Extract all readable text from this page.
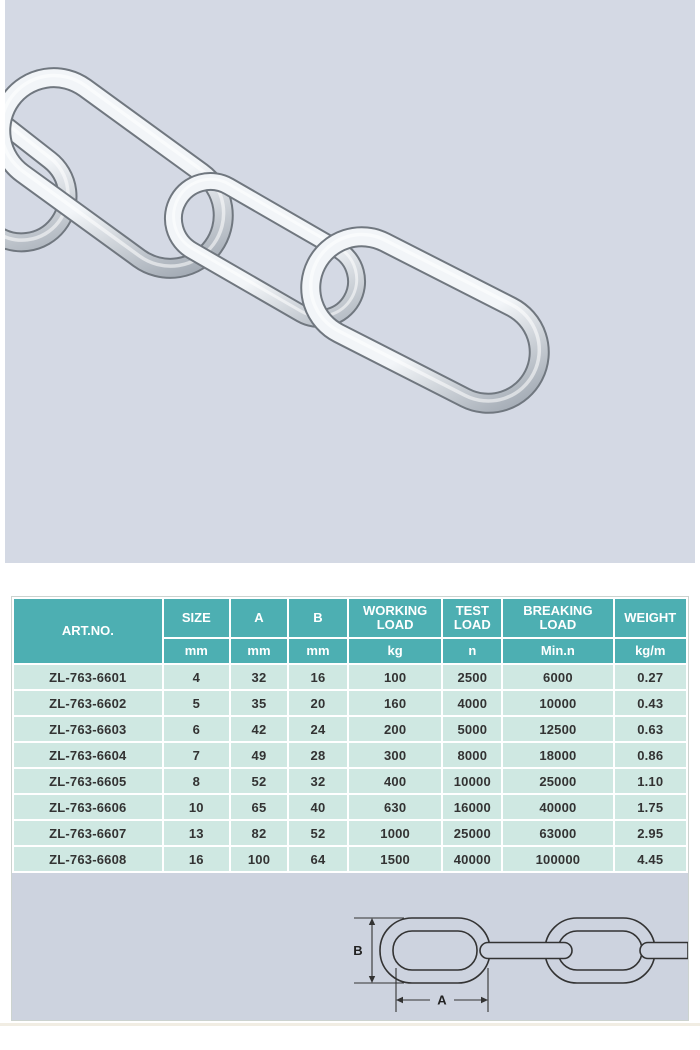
ART.NO.	SIZE	A	B	WORKING LOAD	TEST LOAD	BREAKING LOAD	WEIGHT
	mm	mm	mm	kg	n	Min.n	kg/m
ZL-763-6601	4	32	16	100	2500	6000	0.27
ZL-763-6602	5	35	20	160	4000	10000	0.43
ZL-763-6603	6	42	24	200	5000	12500	0.63
ZL-763-6604	7	49	28	300	8000	18000	0.86
ZL-763-6605	8	52	32	400	10000	25000	1.10
ZL-763-6606	10	65	40	630	16000	40000	1.75
ZL-763-6607	13	82	52	1000	25000	63000	2.95
ZL-763-6608	16	100	64	1500	40000	100000	4.45
B
A
